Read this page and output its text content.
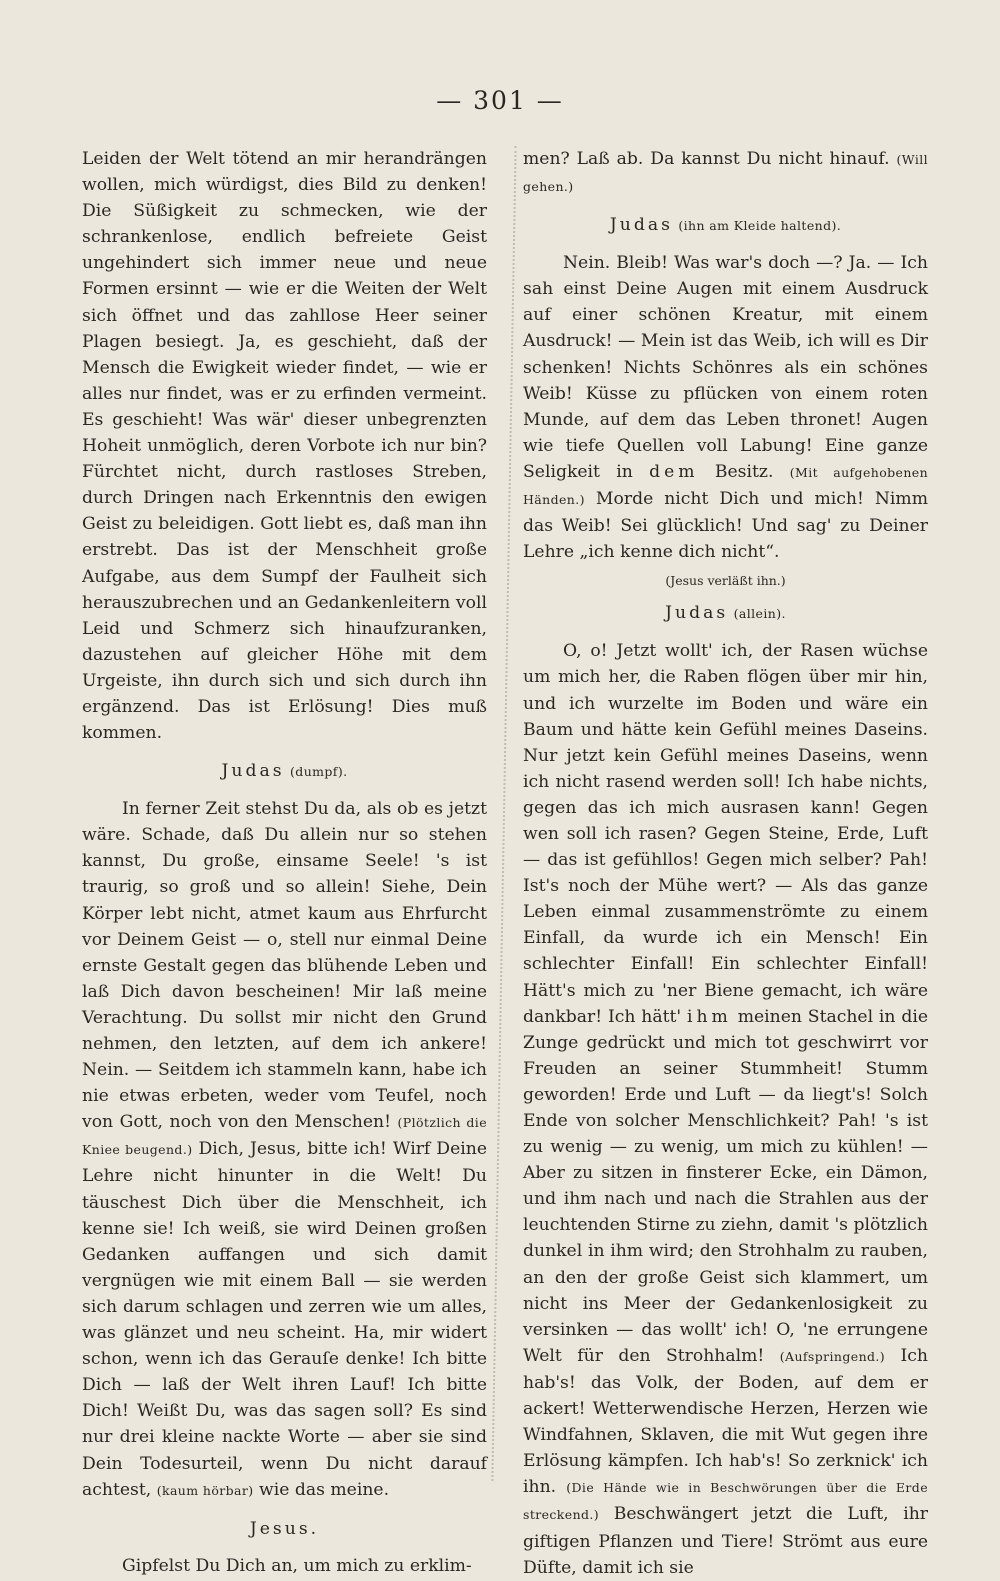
— 301 —

Leiden der Welt tötend an mir herandrängen wollen, mich würdigst, dies Bild zu denken! Die Süßigkeit zu schmecken, wie der schrankenlose, endlich befreiete Geist ungehindert sich immer neue und neue Formen ersinnt — wie er die Weiten der Welt sich öffnet und das zahllose Heer seiner Plagen besiegt. Ja, es geschieht, daß der Mensch die Ewigkeit wieder findet, — wie er alles nur findet, was er zu erfinden vermeint. Es geschieht! Was wär' dieser unbegrenzten Hoheit unmöglich, deren Vorbote ich nur bin? Fürchtet nicht, durch rastloses Streben, durch Dringen nach Erkenntnis den ewigen Geist zu beleidigen. Gott liebt es, daß man ihn erstrebt. Das ist der Menschheit große Aufgabe, aus dem Sumpf der Faulheit sich herauszubrechen und an Gedankenleitern voll Leid und Schmerz sich hinaufzuranken, dazustehen auf gleicher Höhe mit dem Urgeiste, ihn durch sich und sich durch ihn ergänzend. Das ist Erlösung! Dies muß kommen.

Judas (dumpf).

In ferner Zeit stehst Du da, als ob es jetzt wäre. Schade, daß Du allein nur so stehen kannst, Du große, einsame Seele! 's ist traurig, so groß und so allein! Siehe, Dein Körper lebt nicht, atmet kaum aus Ehrfurcht vor Deinem Geist — o, stell nur einmal Deine ernste Gestalt gegen das blühende Leben und laß Dich davon bescheinen! Mir laß meine Verachtung. Du sollst mir nicht den Grund nehmen, den letzten, auf dem ich ankere! Nein. — Seitdem ich stammeln kann, habe ich nie etwas erbeten, weder vom Teufel, noch von Gott, noch von den Menschen! (Plötzlich die Kniee beugend.) Dich, Jesus, bitte ich! Wirf Deine Lehre nicht hinunter in die Welt! Du täuschest Dich über die Menschheit, ich kenne sie! Ich weiß, sie wird Deinen großen Gedanken auffangen und sich damit vergnügen wie mit einem Ball — sie werden sich darum schlagen und zerren wie um alles, was glänzet und neu scheint. Ha, mir widert schon, wenn ich das Gerauſe denke! Ich bitte Dich — laß der Welt ihren Lauf! Ich bitte Dich! Weißt Du, was das sagen soll? Es sind nur drei kleine nackte Worte — aber sie sind Dein Todesurteil, wenn Du nicht darauf achtest, (kaum hörbar) wie das meine.

Jesus.

Gipfelst Du Dich an, um mich zu erklim-

men? Laß ab. Da kannst Du nicht hinauf. (Will gehen.)

Judas (ihn am Kleide haltend).

Nein. Bleib! Was war's doch —? Ja. — Ich sah einst Deine Augen mit einem Ausdruck auf einer schönen Kreatur, mit einem Ausdruck! — Mein ist das Weib, ich will es Dir schenken! Nichts Schönres als ein schönes Weib! Küsse zu pflücken von einem roten Munde, auf dem das Leben thronet! Augen wie tiefe Quellen voll Labung! Eine ganze Seligkeit in dem Besitz. (Mit aufgehobenen Händen.) Morde nicht Dich und mich! Nimm das Weib! Sei glücklich! Und sag' zu Deiner Lehre „ich kenne dich nicht“.

(Jesus verläßt ihn.)
Judas (allein).

O, o! Jetzt wollt' ich, der Rasen wüchse um mich her, die Raben flögen über mir hin, und ich wurzelte im Boden und wäre ein Baum und hätte kein Gefühl meines Daseins. Nur jetzt kein Gefühl meines Daseins, wenn ich nicht rasend werden soll! Ich habe nichts, gegen das ich mich ausrasen kann! Gegen wen soll ich rasen? Gegen Steine, Erde, Luft — das ist gefühllos! Gegen mich selber? Pah! Ist's noch der Mühe wert? — Als das ganze Leben einmal zusammenströmte zu einem Einfall, da wurde ich ein Mensch! Ein schlechter Einfall! Ein schlechter Einfall! Hätt's mich zu 'ner Biene gemacht, ich wäre dankbar! Ich hätt' ihm meinen Stachel in die Zunge gedrückt und mich tot geschwirrt vor Freuden an seiner Stummheit! Stumm geworden! Erde und Luft — da liegt's! Solch Ende von solcher Menschlichkeit? Pah! 's ist zu wenig — zu wenig, um mich zu kühlen! — Aber zu sitzen in finsterer Ecke, ein Dämon, und ihm nach und nach die Strahlen aus der leuchtenden Stirne zu ziehn, damit 's plötzlich dunkel in ihm wird; den Strohhalm zu rauben, an den der große Geist sich klammert, um nicht ins Meer der Gedankenlosigkeit zu versinken — das wollt' ich! O, 'ne errungene Welt für den Strohhalm! (Aufspringend.) Ich hab's! das Volk, der Boden, auf dem er ackert! Wetterwendische Herzen, Herzen wie Windfahnen, Sklaven, die mit Wut gegen ihre Erlösung kämpfen. Ich hab's! So zerknick' ich ihn. (Die Hände wie in Beschwörungen über die Erde streckend.) Beschwängert jetzt die Luft, ihr giftigen Pflanzen und Tiere! Strömt aus eure Düfte, damit ich sie
